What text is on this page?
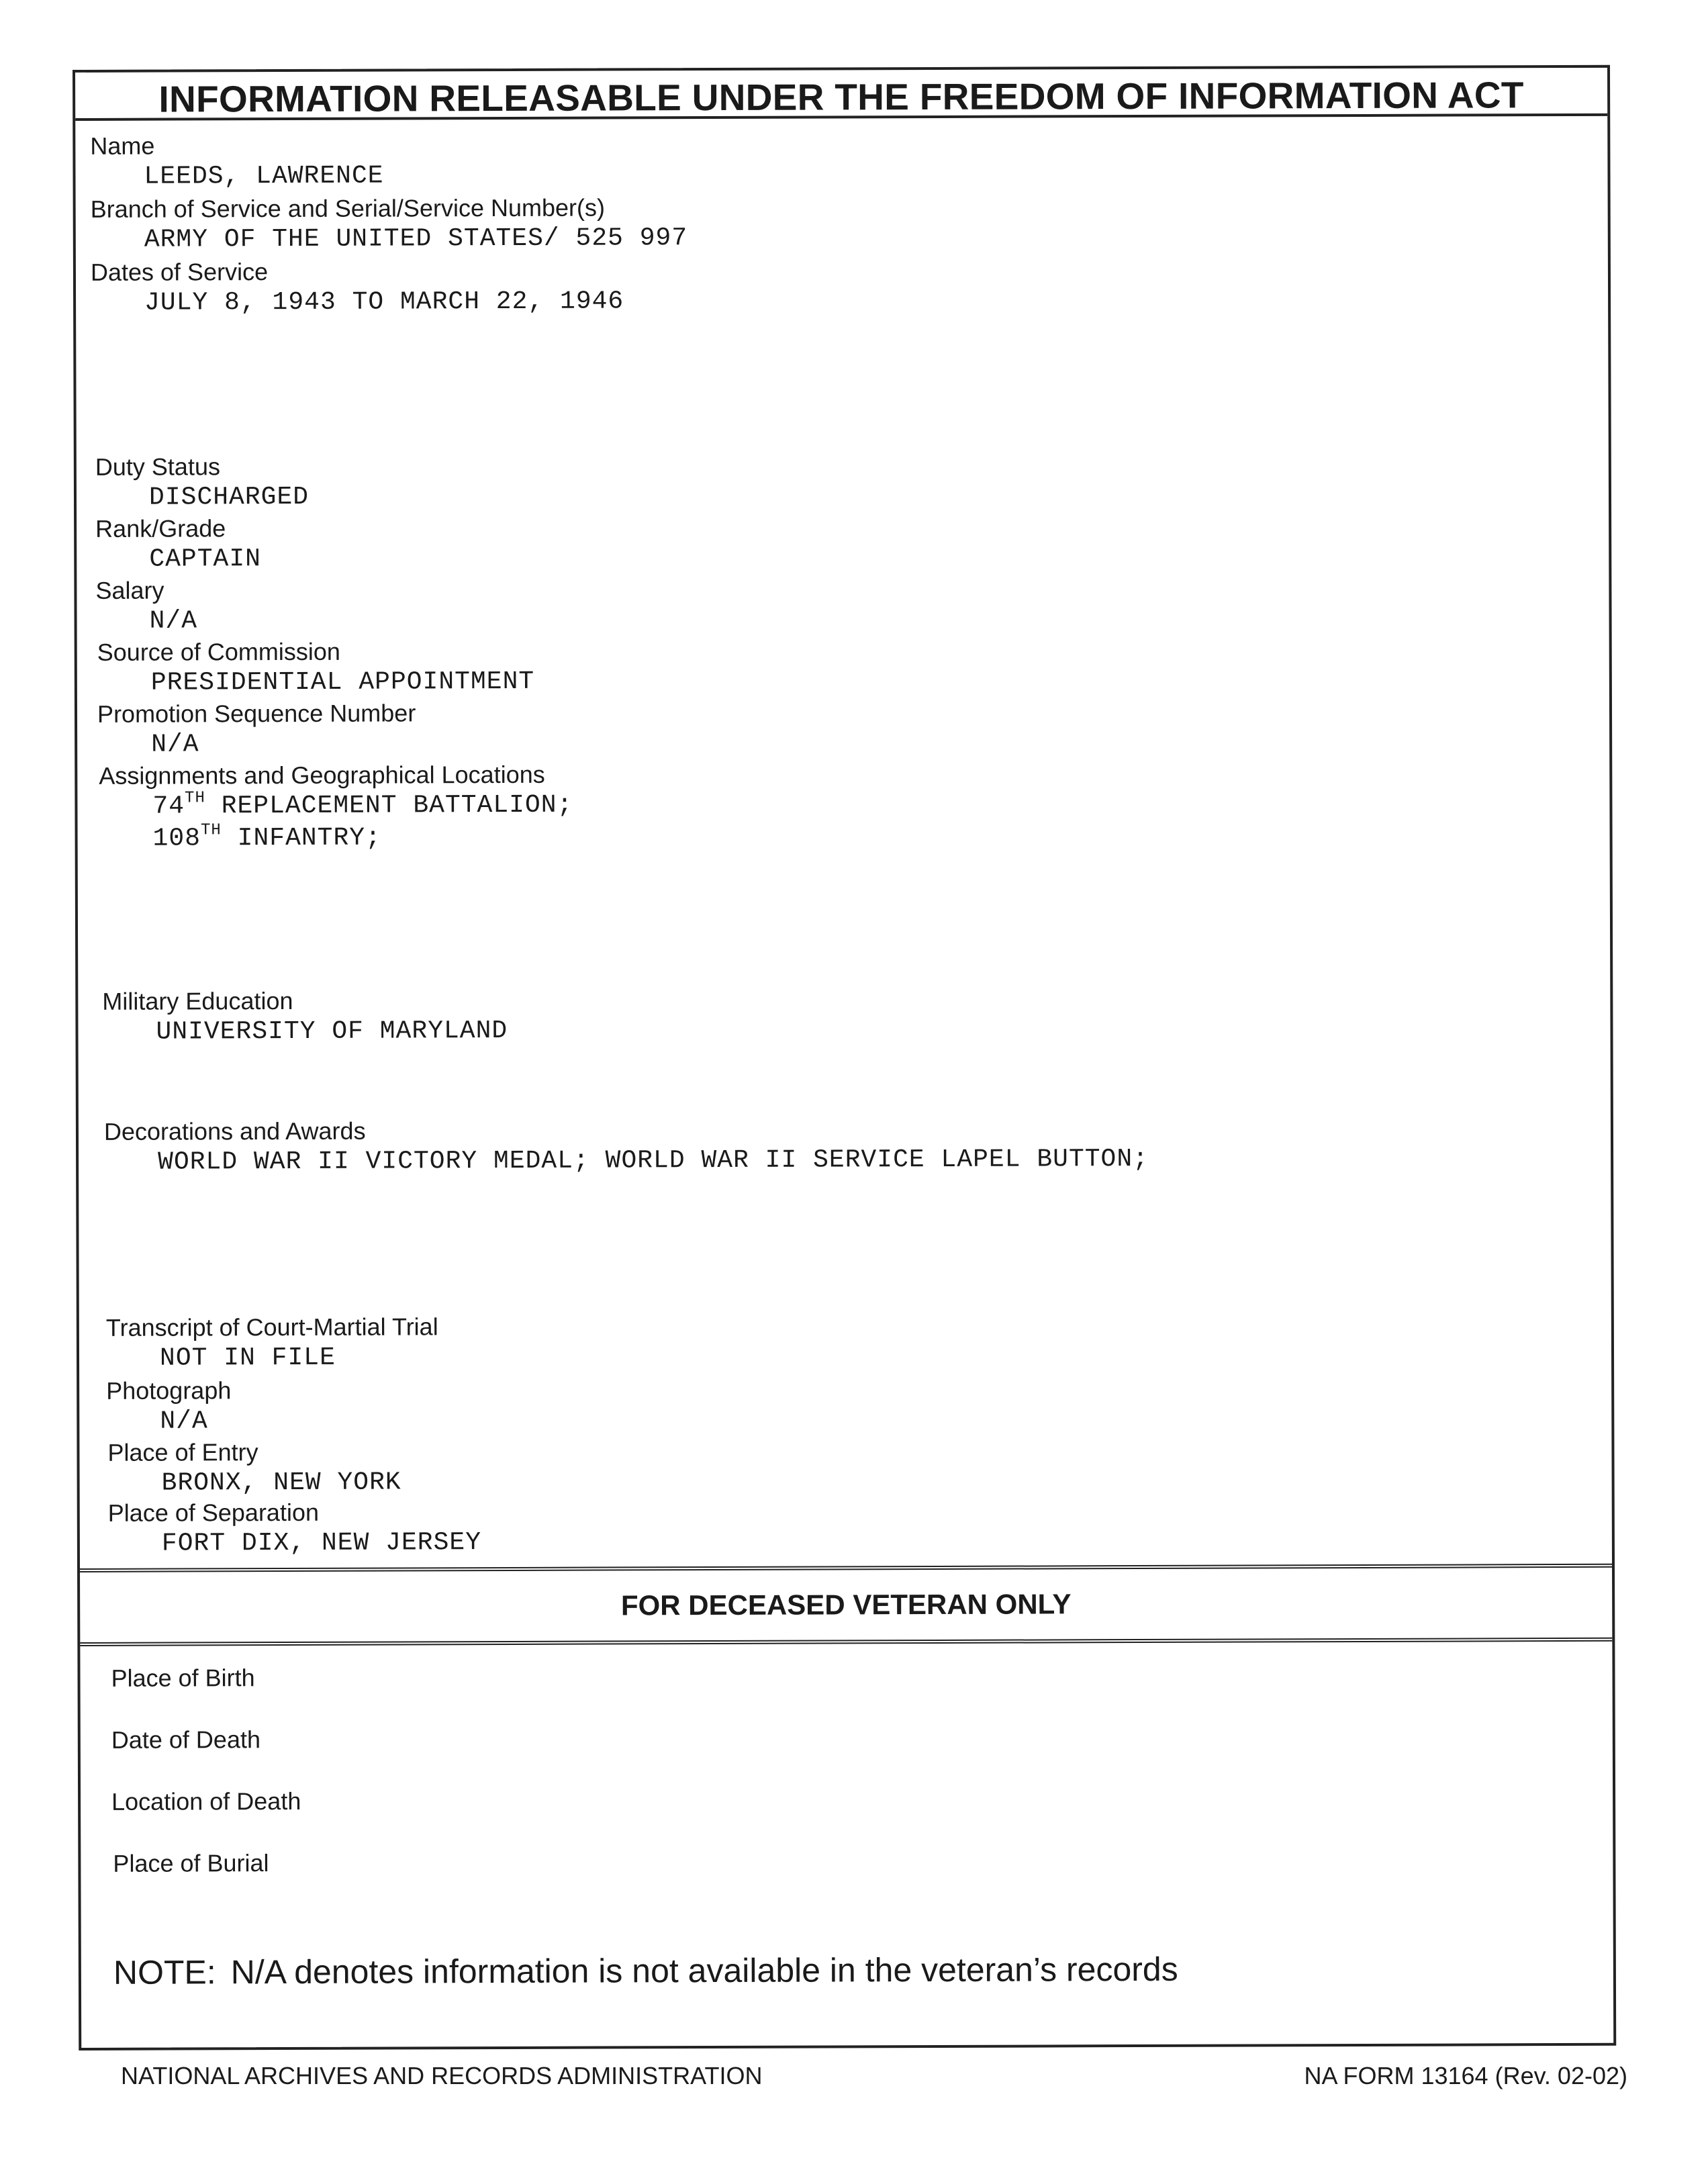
INFORMATION RELEASABLE UNDER THE FREEDOM OF INFORMATION ACT
Name
LEEDS, LAWRENCE
Branch of Service and Serial/Service Number(s)
ARMY OF THE UNITED STATES/ 525 997
Dates of Service
JULY 8, 1943 TO MARCH 22, 1946
Duty Status
DISCHARGED
Rank/Grade
CAPTAIN
Salary
N/A
Source of Commission
PRESIDENTIAL APPOINTMENT
Promotion Sequence Number
N/A
Assignments and Geographical Locations
74TH REPLACEMENT BATTALION;
108TH INFANTRY;
Military Education
UNIVERSITY OF MARYLAND
Decorations and Awards
WORLD WAR II VICTORY MEDAL; WORLD WAR II SERVICE LAPEL BUTTON;
Transcript of Court-Martial Trial
NOT IN FILE
Photograph
N/A
Place of Entry
BRONX, NEW YORK
Place of Separation
FORT DIX, NEW JERSEY
FOR DECEASED VETERAN ONLY
Place of Birth
Date of Death
Location of Death
Place of Burial
NOTE: N/A denotes information is not available in the veteran’s records
NATIONAL ARCHIVES AND RECORDS ADMINISTRATION	NA FORM 13164 (Rev. 02-02)
